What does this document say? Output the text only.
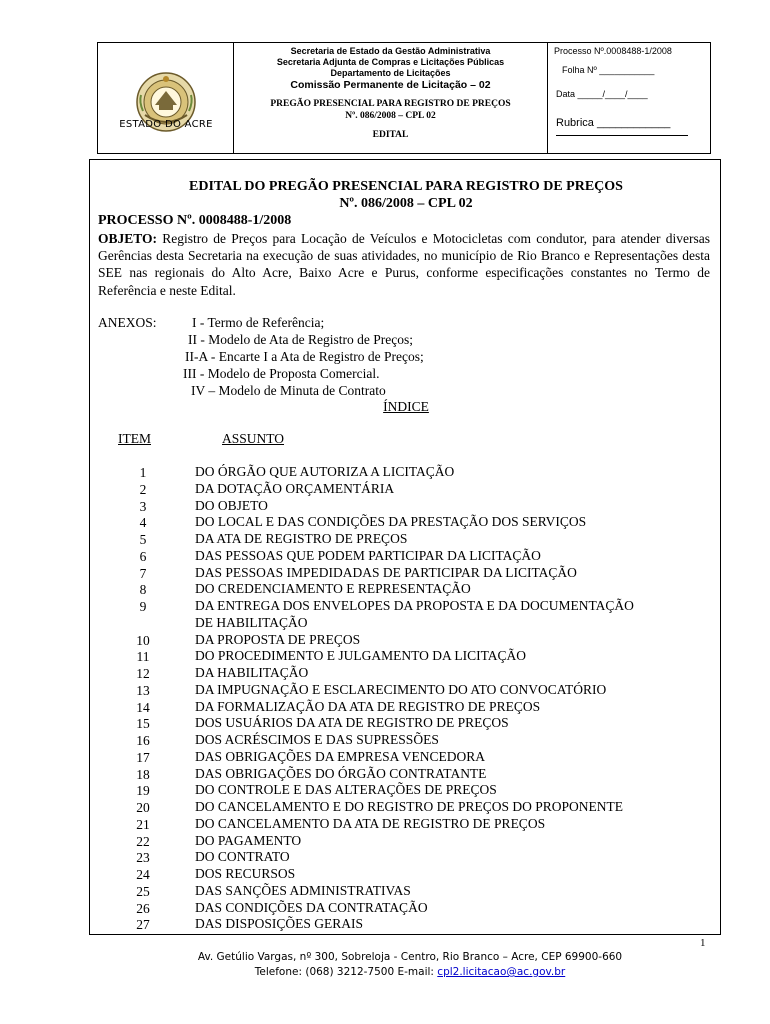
ESTADO DO ACRE
Secretaria de Estado da Gestão Administrativa
Secretaria Adjunta de Compras e Licitações Públicas
Departamento de Licitações
Comissão Permanente de Licitação – 02
PREGÃO PRESENCIAL PARA REGISTRO DE PREÇOS
Nº. 086/2008 – CPL 02
EDITAL
Processo Nº.0008488-1/2008
Folha Nº ___________
Data _____/____/____
Rubrica ____________
EDITAL DO PREGÃO PRESENCIAL PARA REGISTRO DE PREÇOS
Nº. 086/2008 – CPL 02
PROCESSO Nº. 0008488-1/2008
OBJETO: Registro de Preços para Locação de Veículos e Motocicletas com condutor, para atender diversas Gerências desta Secretaria na execução de suas atividades, no município de Rio Branco e Representações desta SEE nas regionais do Alto Acre, Baixo Acre e Purus, conforme especificações constantes no Termo de Referência e neste Edital.
ANEXOS:	I - Termo de Referência;
II - Modelo de Ata de Registro de Preços;
II-A - Encarte I a Ata de Registro de Preços;
III - Modelo de Proposta Comercial.
IV – Modelo de Minuta de Contrato
ÍNDICE
ITEM	ASSUNTO
1	DO ÓRGÃO QUE AUTORIZA A LICITAÇÃO
2	DA DOTAÇÃO ORÇAMENTÁRIA
3	DO OBJETO
4	DO LOCAL E DAS CONDIÇÕES DA PRESTAÇÃO DOS SERVIÇOS
5	DA ATA DE REGISTRO DE PREÇOS
6	DAS PESSOAS QUE PODEM PARTICIPAR DA LICITAÇÃO
7	DAS PESSOAS IMPEDIDADAS DE PARTICIPAR DA LICITAÇÃO
8	DO CREDENCIAMENTO E REPRESENTAÇÃO
9	DA ENTREGA DOS ENVELOPES DA PROPOSTA E DA DOCUMENTAÇÃO
DE HABILITAÇÃO
10	DA PROPOSTA DE PREÇOS
11	DO PROCEDIMENTO E JULGAMENTO DA LICITAÇÃO
12	DA HABILITAÇÃO
13	DA IMPUGNAÇÃO E ESCLARECIMENTO DO ATO CONVOCATÓRIO
14	DA FORMALIZAÇÃO DA ATA DE REGISTRO DE PREÇOS
15	DOS USUÁRIOS DA ATA DE REGISTRO DE PREÇOS
16	DOS ACRÉSCIMOS E DAS SUPRESSÕES
17	DAS OBRIGAÇÕES DA EMPRESA VENCEDORA
18	DAS OBRIGAÇÕES DO ÓRGÃO CONTRATANTE
19	DO CONTROLE E DAS ALTERAÇÕES DE PREÇOS
20	DO CANCELAMENTO E DO REGISTRO DE PREÇOS DO PROPONENTE
21	DO CANCELAMENTO DA ATA DE REGISTRO DE PREÇOS
22	DO PAGAMENTO
23	DO CONTRATO
24	DOS RECURSOS
25	DAS SANÇÕES ADMINISTRATIVAS
26	DAS CONDIÇÕES DA CONTRATAÇÃO
27	DAS DISPOSIÇÕES GERAIS
1
Av. Getúlio Vargas, nº 300, Sobreloja - Centro, Rio Branco – Acre, CEP 69900-660
Telefone: (068) 3212-7500 E-mail: cpl2.licitacao@ac.gov.br
